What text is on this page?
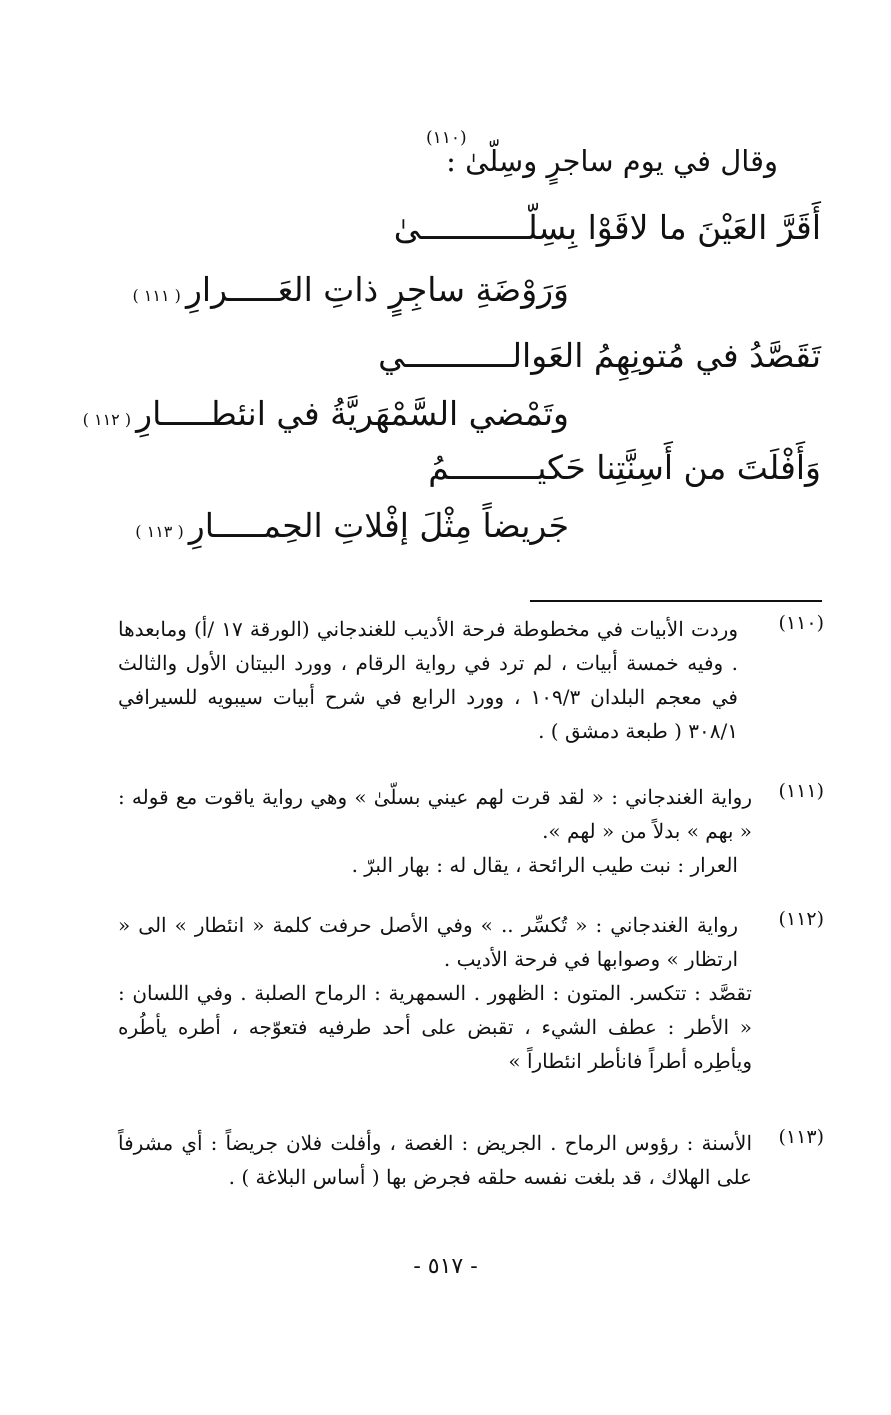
(١١٠)
وقال في يوم ساجرٍ وسِلّىٰ :
أَقَرَّ العَيْنَ ما لاقَوْا بِسِلّـــــــــــىٰ
وَرَوْضَةِ ساجِرٍ ذاتِ العَـــــرارِ ( ١١١ )
تَقَصَّدُ في مُتونِهِمُ العَوالـــــــــــي
وتَمْضي السَّمْهَريَّةُ في انئطـــــارِ ( ١١٢ )
وَأَفْلَتَ من أَسِنَّتِنا حَكيـــــــــمُ
جَريضاً مِثْلَ إفْلاتِ الحِمـــــارِ ( ١١٣ )
(١١٠)

وردت الأبيات في مخطوطة فرحة الأديب للغندجاني (الورقة ١٧ /أ) ومابعدها . وفيه خمسة أبيات ، لم ترد في رواية الرقام ، وورد البيتان الأول والثالث في معجم البلدان ١٠٩/٣ ، وورد الرابع في شرح أبيات سيبويه للسيرافي ٣٠٨/١ ( طبعة دمشق ) .

(١١١)

رواية الغندجاني : « لقد قرت لهم عيني بسلّىٰ » وهي رواية ياقوت مع قوله : « بهم » بدلاً من « لهم ».

العرار : نبت طيب الرائحة ، يقال له : بهار البرّ .

(١١٢)

رواية الغندجاني : « تُكسِّر .. » وفي الأصل حرفت كلمة « انئطار » الى « ارتظار » وصوابها في فرحة الأديب .

تقصَّد : تتكسر. المتون : الظهور . السمهرية : الرماح الصلبة . وفي اللسان : « الأطر : عطف الشيء ، تقبض على أحد طرفيه فتعوّجه ، أطره يأطُره ويأطِره أطراً فانأطر انئطاراً »

(١١٣)

الأسنة : رؤوس الرماح . الجريض : الغصة ، وأفلت فلان جريضاً : أي مشرفاً على الهلاك ، قد بلغت نفسه حلقه فجرض بها ( أساس البلاغة ) .

- ٥١٧ -
